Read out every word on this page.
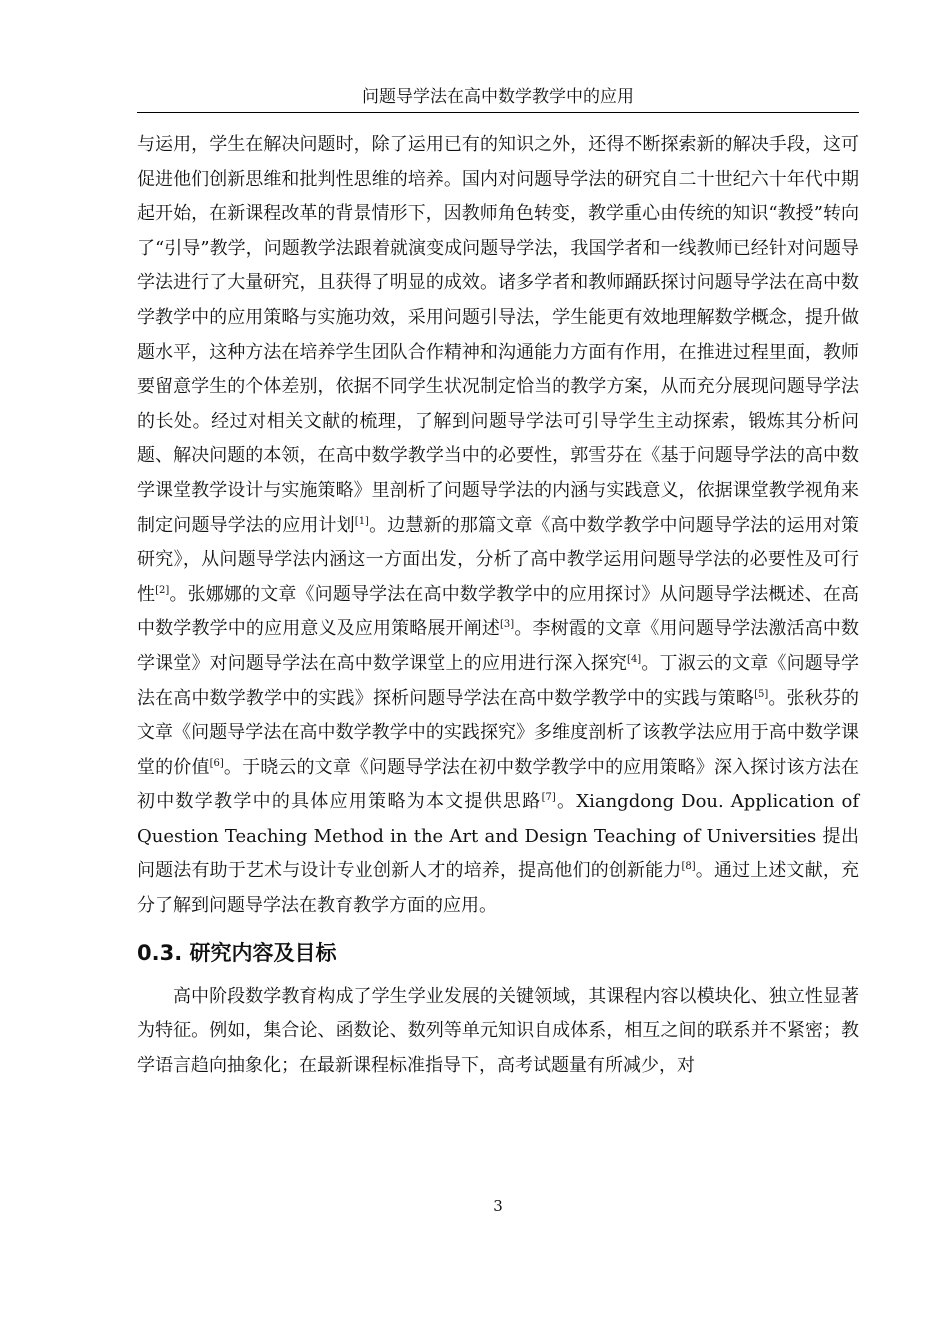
问题导学法在高中数学教学中的应用

与运用，学生在解决问题时，除了运用已有的知识之外，还得不断探索新的解决手段，这可促进他们创新思维和批判性思维的培养。国内对问题导学法的研究自二十世纪六十年代中期起开始，在新课程改革的背景情形下，因教师角色转变，教学重心由传统的知识“教授”转向了“引导”教学，问题教学法跟着就演变成问题导学法，我国学者和一线教师已经针对问题导学法进行了大量研究，且获得了明显的成效。诸多学者和教师踊跃探讨问题导学法在高中数学教学中的应用策略与实施功效，采用问题引导法，学生能更有效地理解数学概念，提升做题水平，这种方法在培养学生团队合作精神和沟通能力方面有作用，在推进过程里面，教师要留意学生的个体差别，依据不同学生状况制定恰当的教学方案，从而充分展现问题导学法的长处。经过对相关文献的梳理，了解到问题导学法可引导学生主动探索，锻炼其分析问题、解决问题的本领，在高中数学教学当中的必要性，郭雪芬在《基于问题导学法的高中数学课堂教学设计与实施策略》里剖析了问题导学法的内涵与实践意义，依据课堂教学视角来制定问题导学法的应用计划[1]。边慧新的那篇文章《高中数学教学中问题导学法的运用对策研究》，从问题导学法内涵这一方面出发，分析了高中教学运用问题导学法的必要性及可行性[2]。张娜娜的文章《问题导学法在高中数学教学中的应用探讨》从问题导学法概述、在高中数学教学中的应用意义及应用策略展开阐述[3]。李树霞的文章《用问题导学法激活高中数学课堂》对问题导学法在高中数学课堂上的应用进行深入探究[4]。丁淑云的文章《问题导学法在高中数学教学中的实践》探析问题导学法在高中数学教学中的实践与策略[5]。张秋芬的文章《问题导学法在高中数学教学中的实践探究》多维度剖析了该教学法应用于高中数学课堂的价值[6]。于晓云的文章《问题导学法在初中数学教学中的应用策略》深入探讨该方法在初中数学教学中的具体应用策略为本文提供思路[7]。Xiangdong Dou. Application of Question Teaching Method in the Art and Design Teaching of Universities 提出问题法有助于艺术与设计专业创新人才的培养，提高他们的创新能力[8]。通过上述文献，充分了解到问题导学法在教育教学方面的应用。

0.3. 研究内容及目标

高中阶段数学教育构成了学生学业发展的关键领域，其课程内容以模块化、独立性显著为特征。例如，集合论、函数论、数列等单元知识自成体系，相互之间的联系并不紧密；教学语言趋向抽象化；在最新课程标准指导下，高考试题量有所减少，对

3
